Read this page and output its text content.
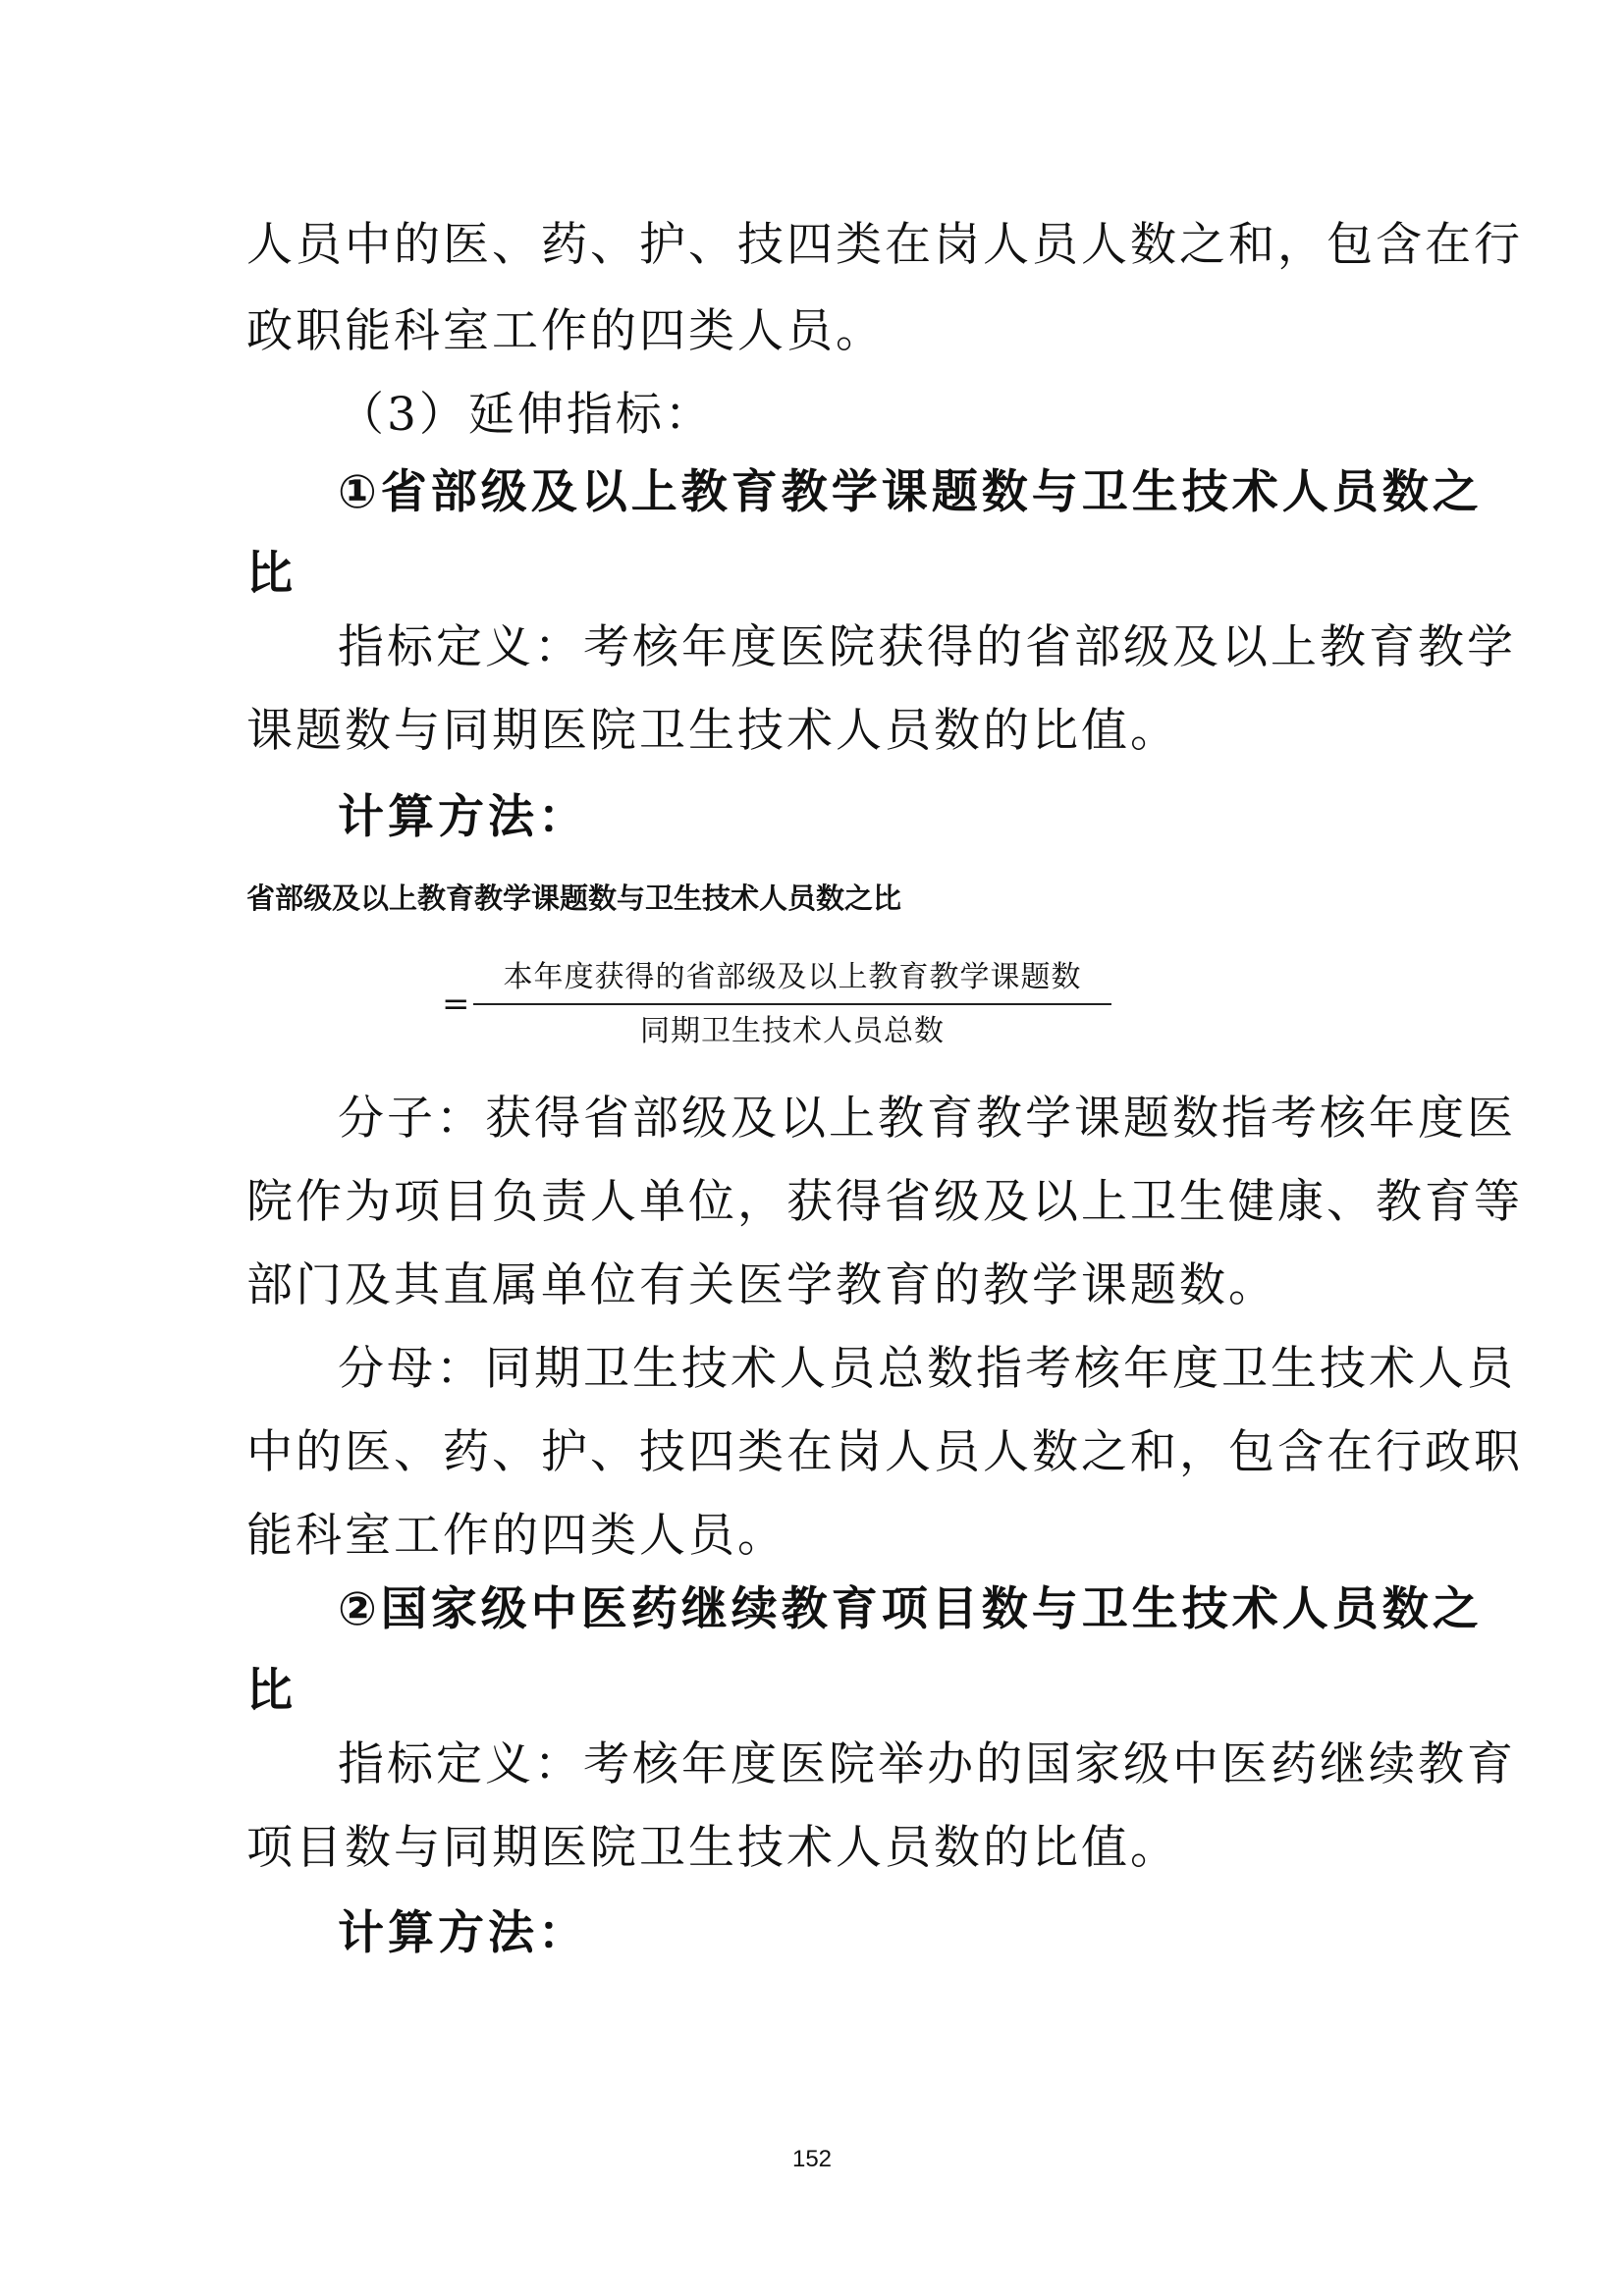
人员中的医、药、护、技四类在岗人员人数之和，包含在行
政职能科室工作的四类人员。
（3）延伸指标：
①省部级及以上教育教学课题数与卫生技术人员数之
比
指标定义：考核年度医院获得的省部级及以上教育教学
课题数与同期医院卫生技术人员数的比值。
计算方法：
省部级及以上教育教学课题数与卫生技术人员数之比
=
本年度获得的省部级及以上教育教学课题数
同期卫生技术人员总数
分子：获得省部级及以上教育教学课题数指考核年度医
院作为项目负责人单位，获得省级及以上卫生健康、教育等
部门及其直属单位有关医学教育的教学课题数。
分母：同期卫生技术人员总数指考核年度卫生技术人员
中的医、药、护、技四类在岗人员人数之和，包含在行政职
能科室工作的四类人员。
②国家级中医药继续教育项目数与卫生技术人员数之
比
指标定义：考核年度医院举办的国家级中医药继续教育
项目数与同期医院卫生技术人员数的比值。
计算方法：
152
